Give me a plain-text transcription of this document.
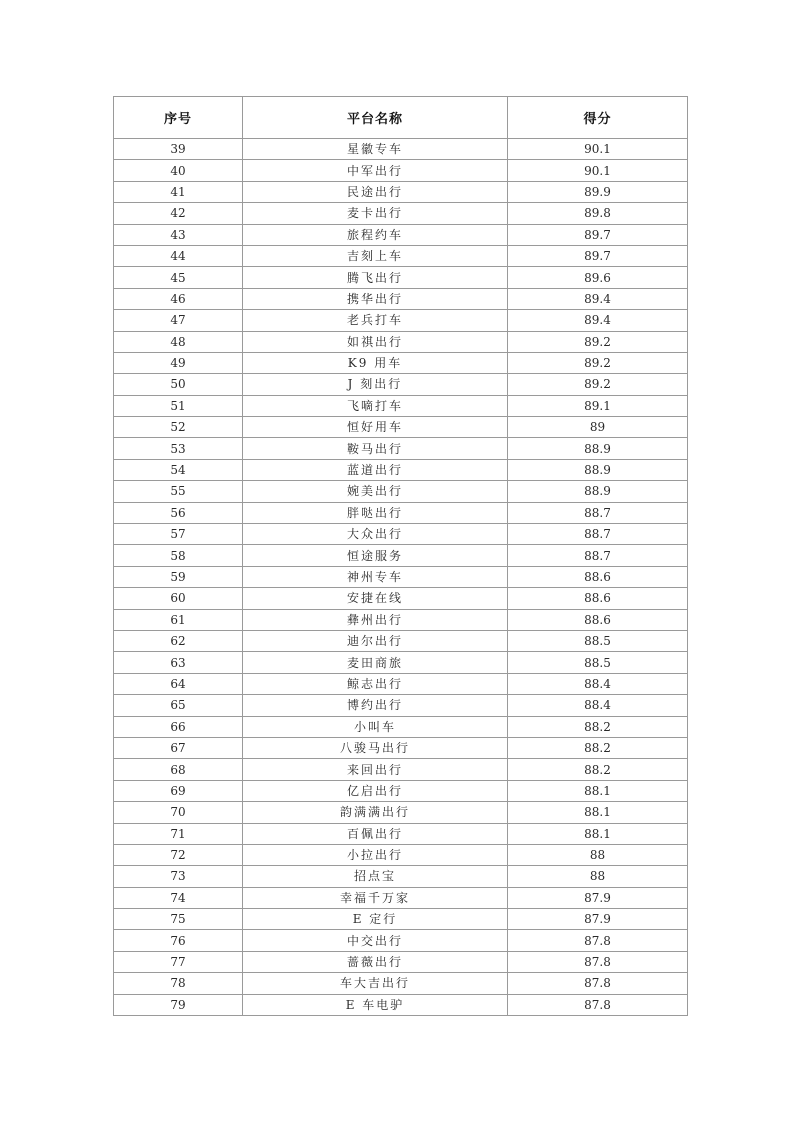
序号	平台名称	得分
39	星徽专车	90.1
40	中军出行	90.1
41	民途出行	89.9
42	麦卡出行	89.8
43	旅程约车	89.7
44	吉刻上车	89.7
45	腾飞出行	89.6
46	携华出行	89.4
47	老兵打车	89.4
48	如祺出行	89.2
49	K9 用车	89.2
50	J 刻出行	89.2
51	飞嘀打车	89.1
52	恒好用车	89
53	鞍马出行	88.9
54	蓝道出行	88.9
55	婉美出行	88.9
56	胖哒出行	88.7
57	大众出行	88.7
58	恒途服务	88.7
59	神州专车	88.6
60	安捷在线	88.6
61	彝州出行	88.6
62	迪尔出行	88.5
63	麦田商旅	88.5
64	鲸志出行	88.4
65	博约出行	88.4
66	小叫车	88.2
67	八骏马出行	88.2
68	来回出行	88.2
69	亿启出行	88.1
70	韵满满出行	88.1
71	百佩出行	88.1
72	小拉出行	88
73	招点宝	88
74	幸福千万家	87.9
75	E 定行	87.9
76	中交出行	87.8
77	蔷薇出行	87.8
78	车大吉出行	87.8
79	E 车电驴	87.8
